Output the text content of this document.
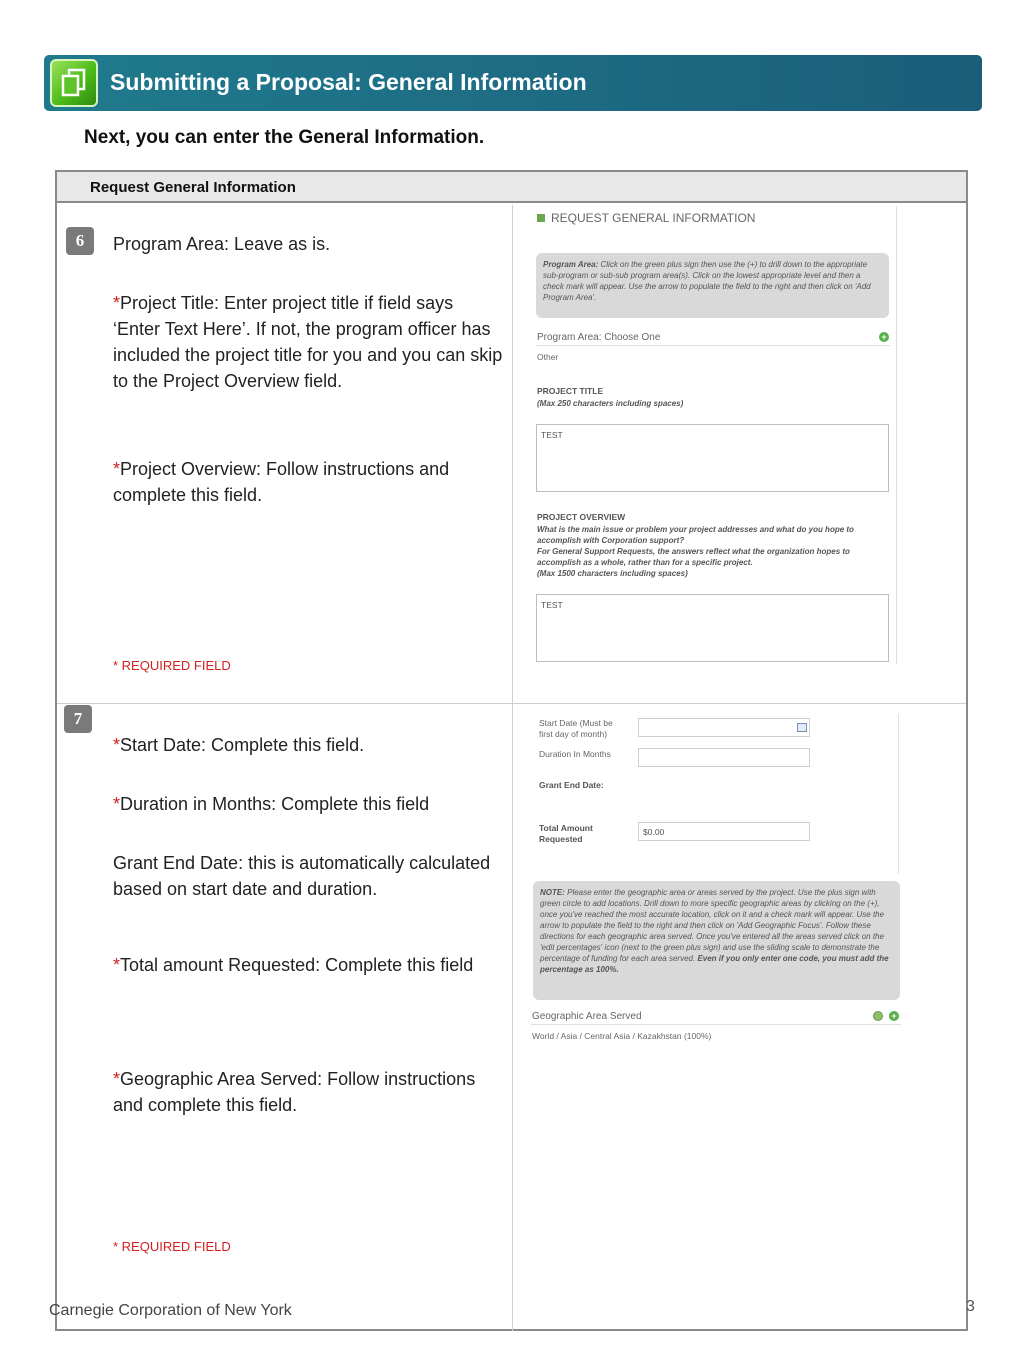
Submitting a Proposal: General Information
Next, you can enter the General Information.
Request General Information
6	Program Area: Leave as is.
*Project Title: Enter project title if field says ‘Enter Text Here’. If not, the program officer has included the project title for you and you can skip to the Project Overview field.
*Project Overview: Follow instructions and complete this field.
* REQUIRED FIELD
7
*Start Date: Complete this field.
*Duration in Months: Complete this field
Grant End Date: this is automatically calculated based on start date and duration.
*Total amount Requested: Complete this field
*Geographic Area Served: Follow instructions and complete this field.
* REQUIRED FIELD
REQUEST GENERAL INFORMATION
Program Area: Click on the green plus sign then use the (+) to drill down to the appropriate sub-program or sub-sub program area(s). Click on the lowest appropriate level and then a check mark will appear. Use the arrow to populate the field to the right and then click on 'Add Program Area'.
Program Area: Choose One	+
Other
PROJECT TITLE
(Max 250 characters including spaces)
TEST
PROJECT OVERVIEW
What is the main issue or problem your project addresses and what do you hope to accomplish with Corporation support?
For General Support Requests, the answers reflect what the organization hopes to accomplish as a whole, rather than for a specific project.
(Max 1500 characters including spaces)
TEST
Start Date (Must be first day of month)
Duration In Months
Grant End Date:
Total Amount Requested
$0.00
NOTE: Please enter the geographic area or areas served by the project. Use the plus sign with green circle to add locations. Drill down to more specific geographic areas by clicking on the (+), once you've reached the most accurate location, click on it and a check mark will appear. Use the arrow to populate the field to the right and then click on 'Add Geographic Focus'. Follow these directions for each geographic area served. Once you've entered all the areas served click on the 'edit percentages' icon (next to the green plus sign) and use the sliding scale to demonstrate the percentage of funding for each area served. Even if you only enter one code, you must add the percentage as 100%.
Geographic Area Served	+
World / Asia / Central Asia / Kazakhstan (100%)
Carnegie Corporation of New York	3
